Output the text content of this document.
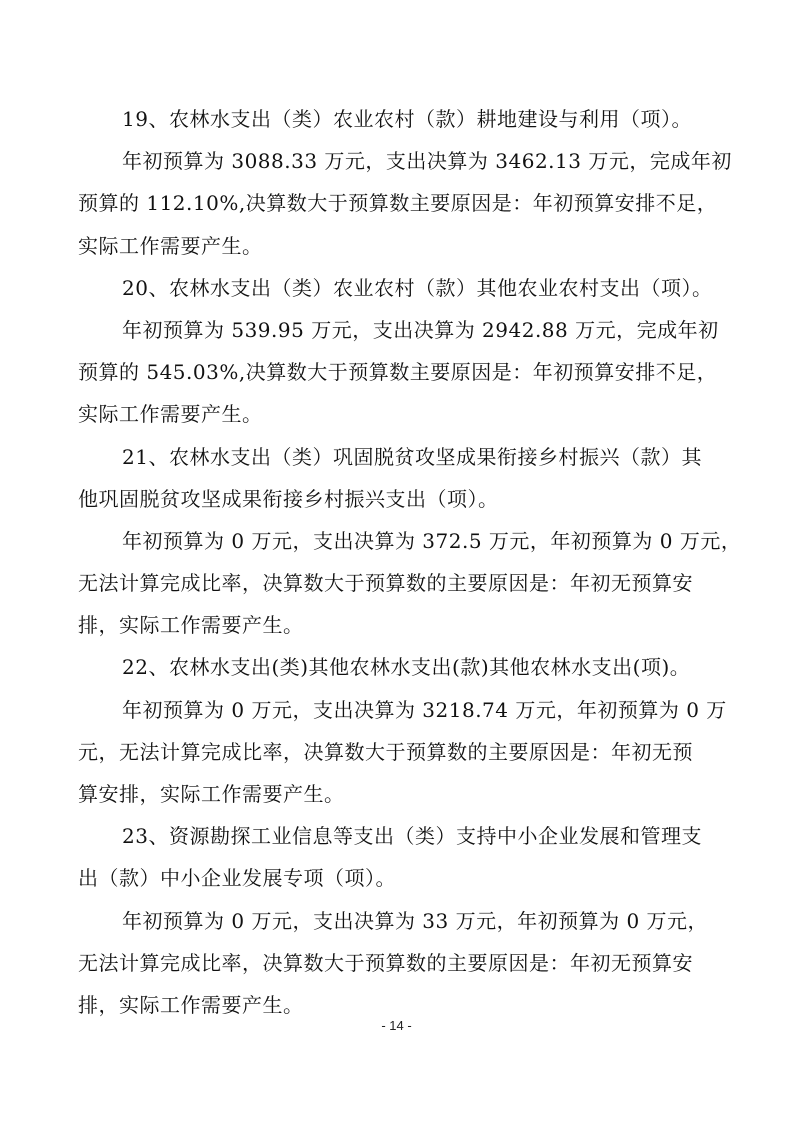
19、农林水支出（类）农业农村（款）耕地建设与利用（项）。
年初预算为 3088.33 万元，支出决算为 3462.13 万元，完成年初
预算的 112.10%,决算数大于预算数主要原因是：年初预算安排不足，
实际工作需要产生。
20、农林水支出（类）农业农村（款）其他农业农村支出（项）。
年初预算为 539.95 万元，支出决算为 2942.88 万元，完成年初
预算的 545.03%,决算数大于预算数主要原因是：年初预算安排不足，
实际工作需要产生。
21、农林水支出（类）巩固脱贫攻坚成果衔接乡村振兴（款）其
他巩固脱贫攻坚成果衔接乡村振兴支出（项）。
年初预算为 0 万元，支出决算为 372.5 万元，年初预算为 0 万元，
无法计算完成比率，决算数大于预算数的主要原因是：年初无预算安
排，实际工作需要产生。
22、农林水支出(类)其他农林水支出(款)其他农林水支出(项)。
年初预算为 0 万元，支出决算为 3218.74 万元，年初预算为 0 万
元，无法计算完成比率，决算数大于预算数的主要原因是：年初无预
算安排，实际工作需要产生。
23、资源勘探工业信息等支出（类）支持中小企业发展和管理支
出（款）中小企业发展专项（项）。
年初预算为 0 万元，支出决算为 33 万元，年初预算为 0 万元，
无法计算完成比率，决算数大于预算数的主要原因是：年初无预算安
排，实际工作需要产生。
- 14 -
